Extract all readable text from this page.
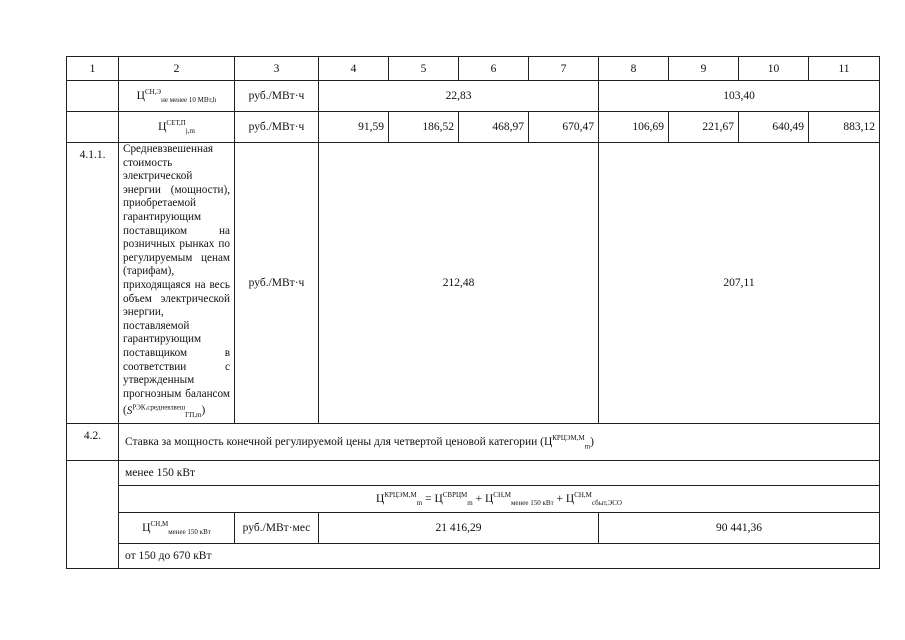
1	2	3	4	5	6	7	8	9	10	11
	$Ц^{СН,Э}_{не менее 10 МВт,h}$	руб./МВт·ч	22,83				103,40			
	$Ц^{СЕТ,П}_{j,m}$	руб./МВт·ч	91,59	186,52	468,97	670,47	106,69	221,67	640,49	883,12
4.1.1.	Средневзвешенная стоимость электрической энергии (мощности), приобретаемой гарантирующим поставщиком на розничных рынках по регулируемым ценам (тарифам), приходящаяся на весь объем электрической энергии, поставляемой гарантирующим поставщиком в соответствии с утвержденным прогнозным балансом $(S^{РЭК,средневзвеш}_{ГП,m})$	руб./МВт·ч	212,48				207,11			
4.2.	Ставка за мощность конечной регулируемой цены для четвертой ценовой категории $(Ц^{КРЦЭМ,М}_m)$									
	менее 150 кВт									
	$Ц^{КРЦЭМ,М}_m = Ц^{СВРЦМ}_m + Ц^{СН,М}_{менее 150 кВт} + Ц^{СН,М}_{сбыт,ЭСО}$
	$Ц^{СН,М}_{менее 150 кВт}$	руб./МВт·мес	21 416,29				90 441,36			
	от 150 до 670 кВт									
